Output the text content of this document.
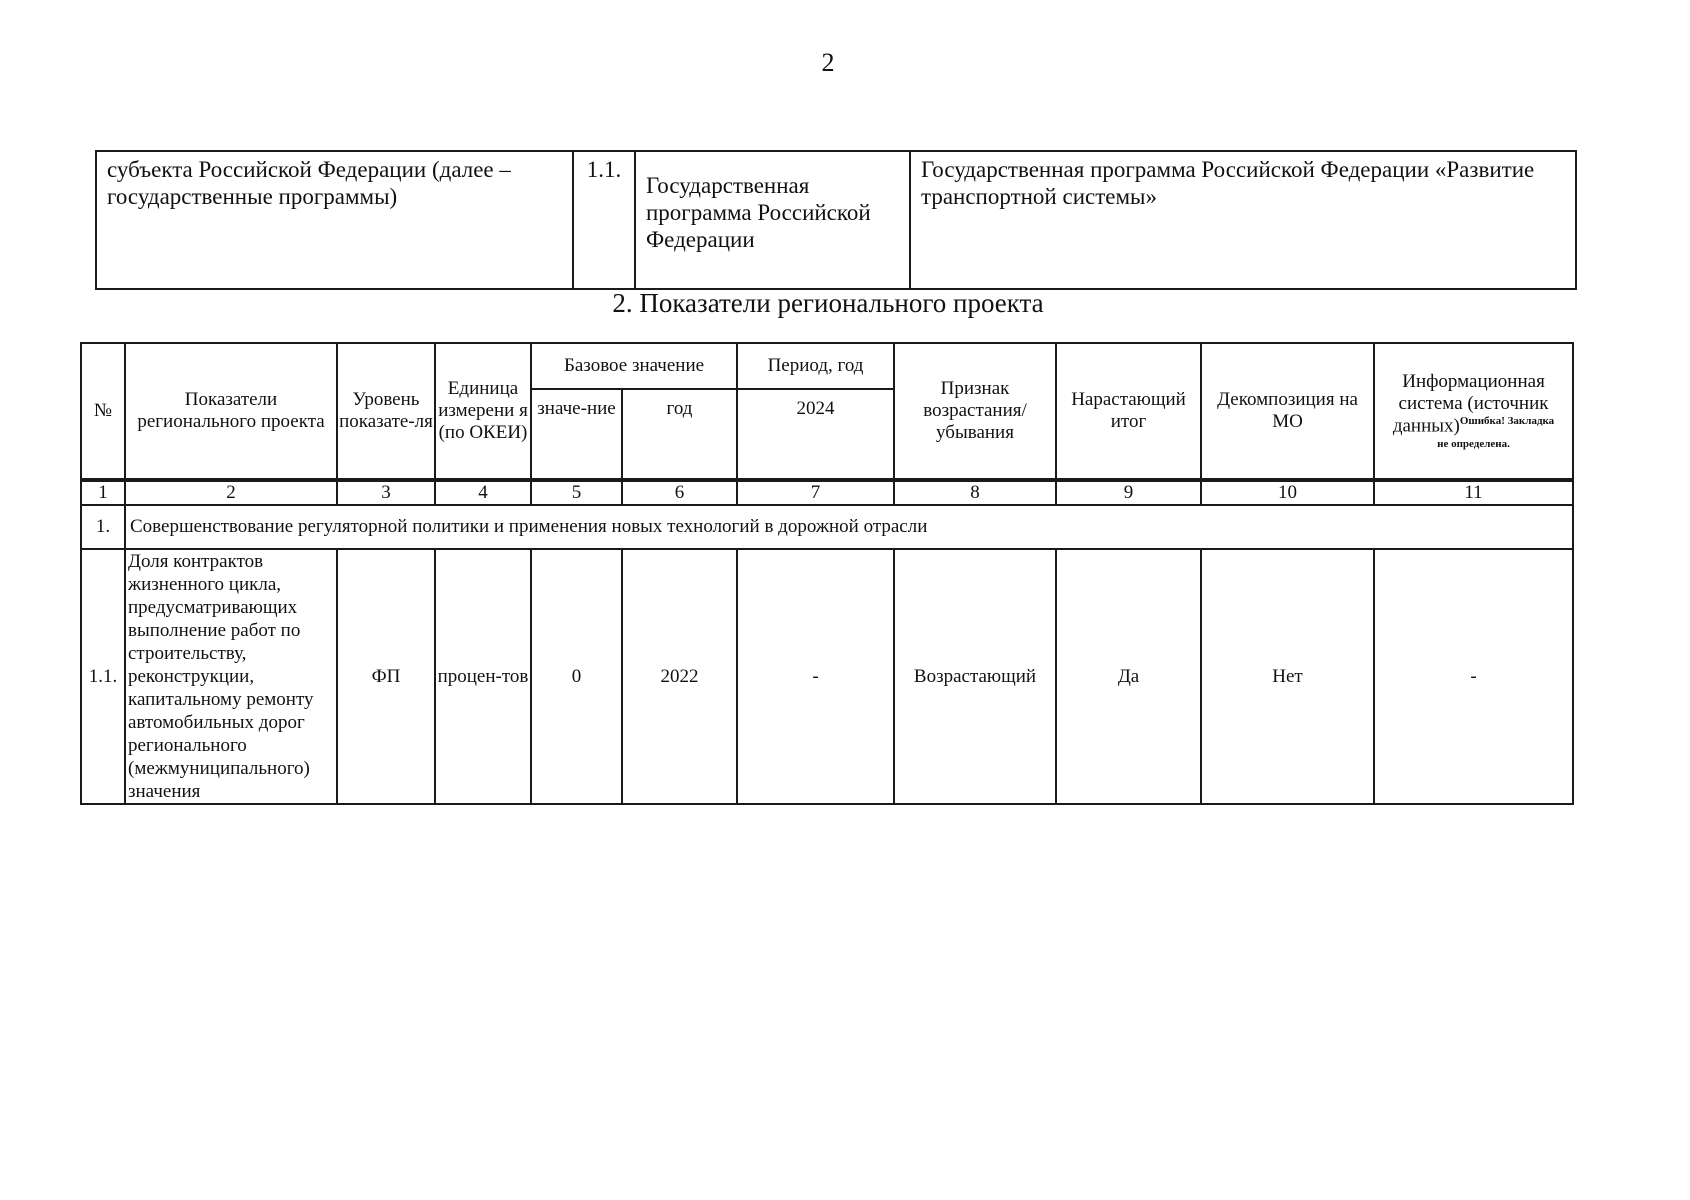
2
субъекта Российской Федерации (далее – государственные программы)	1.1.	Государственная программа Российской Федерации	Государственная программа Российской Федерации «Развитие транспортной системы»
2. Показатели регионального проекта
№	Показатели регионального проекта	Уровень показате-ля	Единица измерени я (по ОКЕИ)	Базовое значение		Период, год	Признак возрастания/ убывания	Нарастающий итог	Декомпозиция на МО	Информационная система (источник данных)$^{Ошибка! Закладка}$
не определена.

				значе-ние	год	2024				
1	2	3	4	5	6	7	8	9	10	11
1.	Совершенствование регуляторной политики и применения новых технологий в дорожной отрасли									
1.1.	Доля контрактов жизненного цикла, предусматривающих выполнение работ по строительству, реконструкции, капитальному ремонту автомобильных дорог регионального (межмуниципального) значения	ФП	процен-тов	0	2022	-	Возрастающий	Да	Нет	-
